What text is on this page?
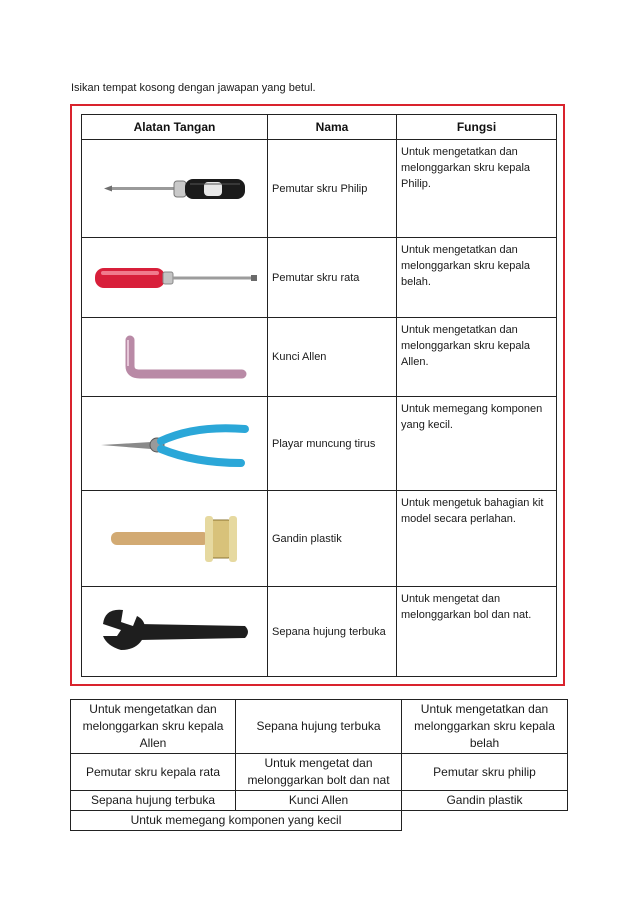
Isikan tempat kosong dengan jawapan yang betul.
Alatan Tangan	Nama	Fungsi

	Pemutar skru Philip	Untuk mengetatkan dan melonggarkan skru kepala Philip.

	Pemutar skru rata	Untuk mengetatkan dan melonggarkan skru kepala belah.

	Kunci Allen	Untuk mengetatkan dan melonggarkan skru kepala Allen.

	Playar muncung tirus	Untuk memegang komponen yang kecil.

	Gandin plastik	Untuk mengetuk bahagian kit model secara perlahan.

	Sepana hujung terbuka	Untuk mengetat dan melonggarkan bol dan nat.
Untuk mengetatkan dan melonggarkan skru kepala Allen	Sepana hujung terbuka	Untuk mengetatkan dan melonggarkan skru kepala belah
Pemutar skru kepala rata	Untuk mengetat dan melonggarkan bolt dan nat	Pemutar skru philip
Sepana hujung terbuka	Kunci Allen	Gandin plastik
Untuk memegang komponen yang kecil		
